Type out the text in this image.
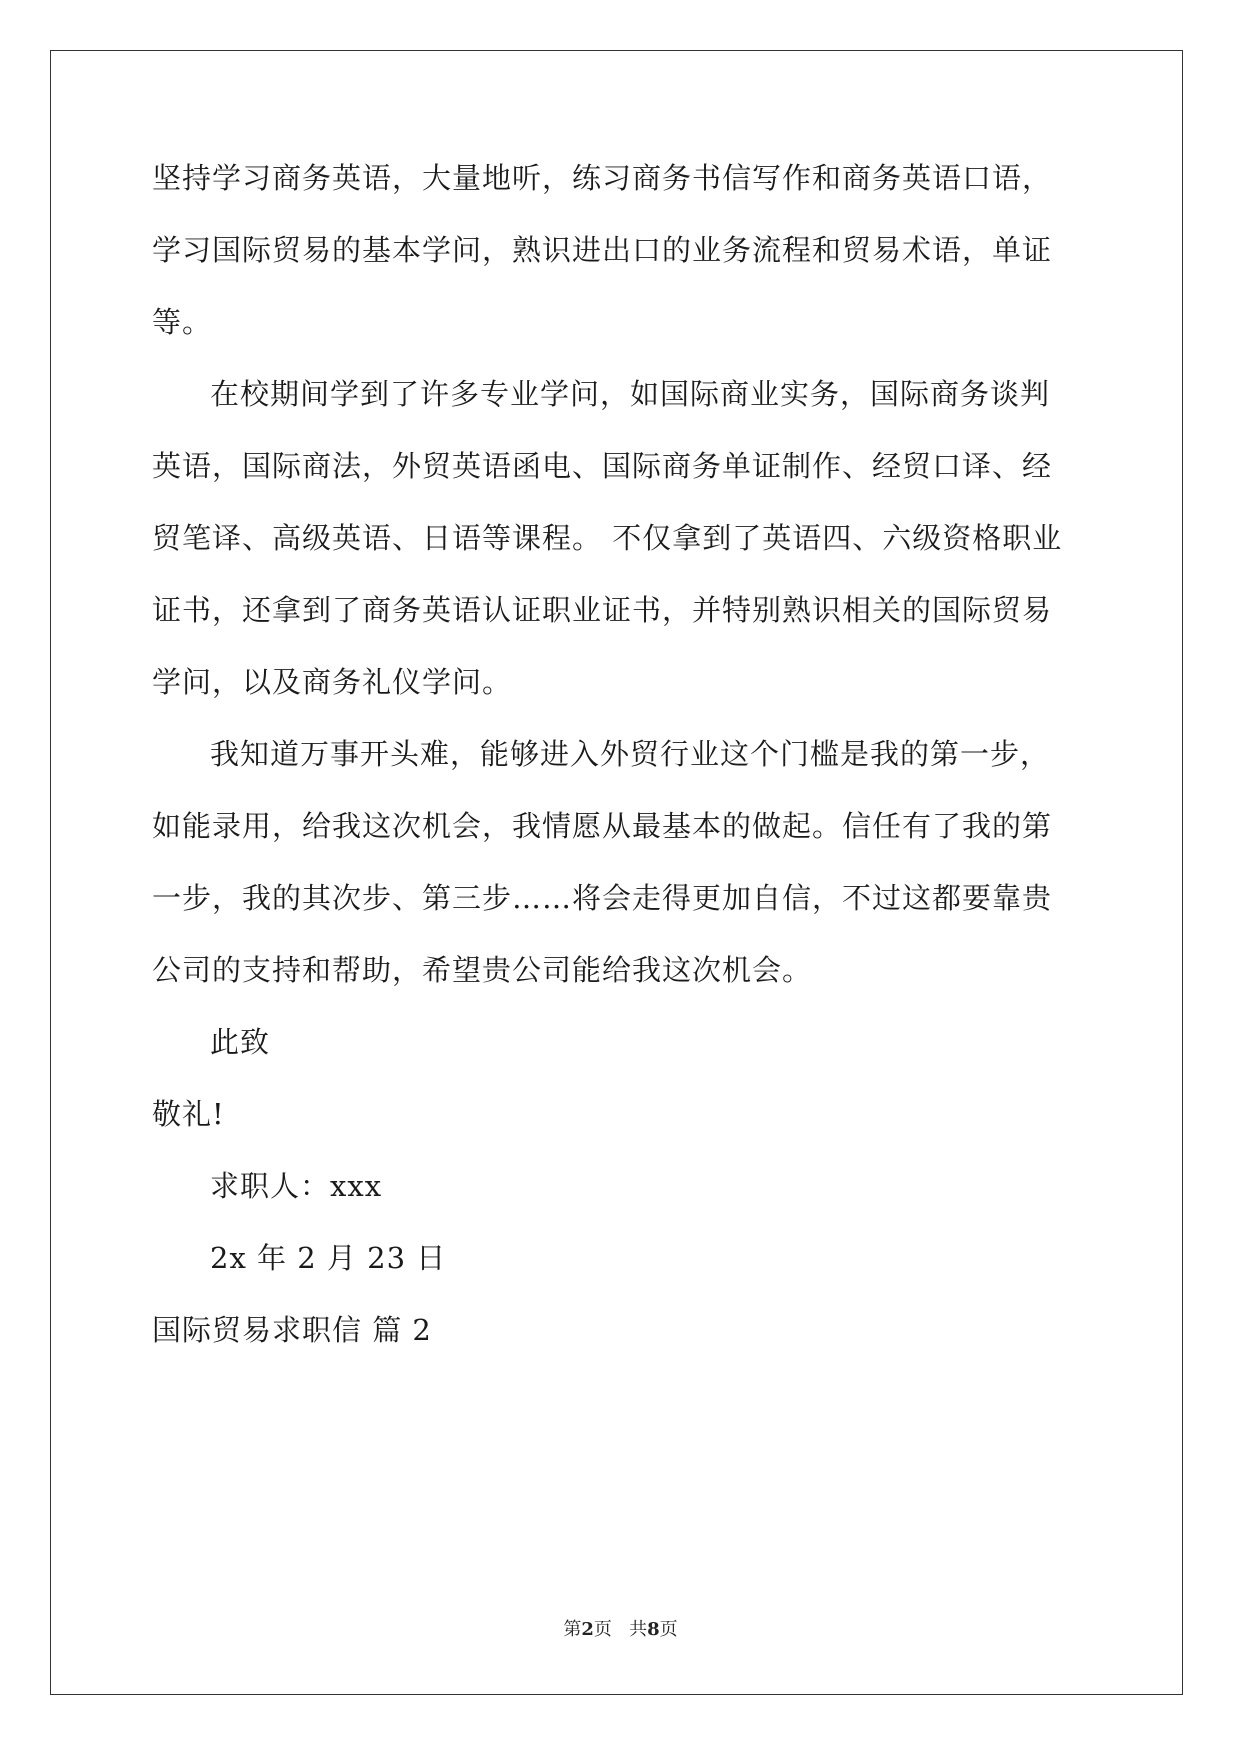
坚持学习商务英语，大量地听，练习商务书信写作和商务英语口语，
学习国际贸易的基本学问，熟识进出口的业务流程和贸易术语，单证
等。
在校期间学到了许多专业学问，如国际商业实务，国际商务谈判
英语，国际商法，外贸英语函电、国际商务单证制作、经贸口译、经
贸笔译、高级英语、日语等课程。 不仅拿到了英语四、六级资格职业
证书，还拿到了商务英语认证职业证书，并特别熟识相关的国际贸易
学问，以及商务礼仪学问。
我知道万事开头难，能够进入外贸行业这个门槛是我的第一步，
如能录用，给我这次机会，我情愿从最基本的做起。信任有了我的第
一步，我的其次步、第三步……将会走得更加自信，不过这都要靠贵
公司的支持和帮助，希望贵公司能给我这次机会。
此致
敬礼!
求职人：xxx
2x 年 2 月 23 日
国际贸易求职信 篇 2
第2页 共8页
